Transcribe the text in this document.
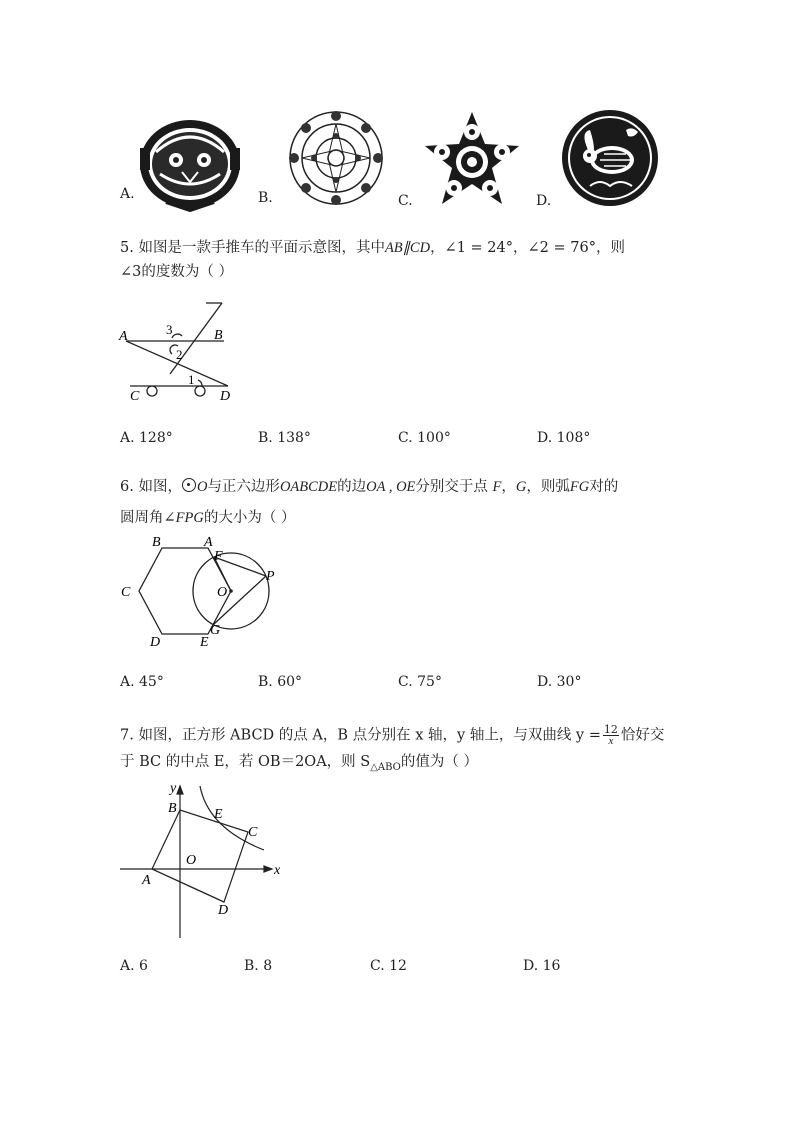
A.	B.	C.	D.
5. 如图是一款手推车的平面示意图，其中AB∥CD，∠1 = 24°，∠2 = 76°，则
∠3的度数为（ ）
A	B
C	D
3
2
1
A. 128°	B. 138°	C. 100°	D. 108°
6. 如图， O与正六边形OABCDE的边OA , OE分别交于点 F，G，则弧FG对的
圆周角∠FPG的大小为（ ）
B	A
F
P
C	O
G
D	E
A. 45°	B. 60°	C. 75°	D. 30°
7. 如图，正方形 ABCD 的点 A，B 点分别在 x 轴，y 轴上，与双曲线 $y = \frac{12}{x}$ 恰好交
于 BC 的中点 E，若 OB＝2OA，则 $S_{\triangle ABO}$的值为（ ）
y
B	E
C
O
x
A
D
A. 6	B. 8	C. 12	D. 16
